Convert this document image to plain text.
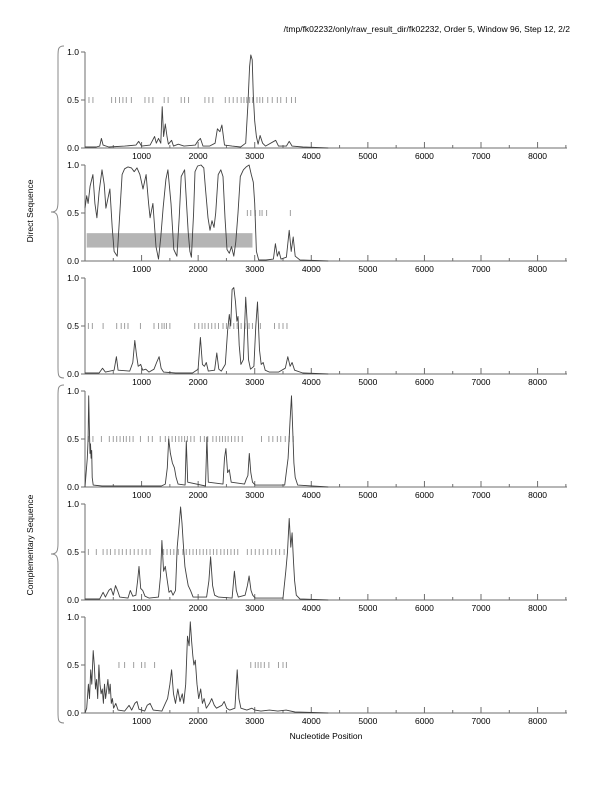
/tmp/fk02232/only/raw_result_dir/fk02232, Order 5, Window 96, Step 12, 2/2
Direct Sequence
Complementary Sequence
0.0
0.5
1.0
1000	2000	3000	4000	5000	6000	7000	8000
0.0
0.5
1.0
1000	2000	3000	4000	5000	6000	7000	8000
0.0
0.5
1.0
1000	2000	3000	4000	5000	6000	7000	8000
0.0
0.5
1.0
1000	2000	3000	4000	5000	6000	7000	8000
0.0
0.5
1.0
1000	2000	3000	4000	5000	6000	7000	8000
0.0
0.5
1.0
1000	2000	3000	4000	5000	6000	7000	8000
Nucleotide Position
